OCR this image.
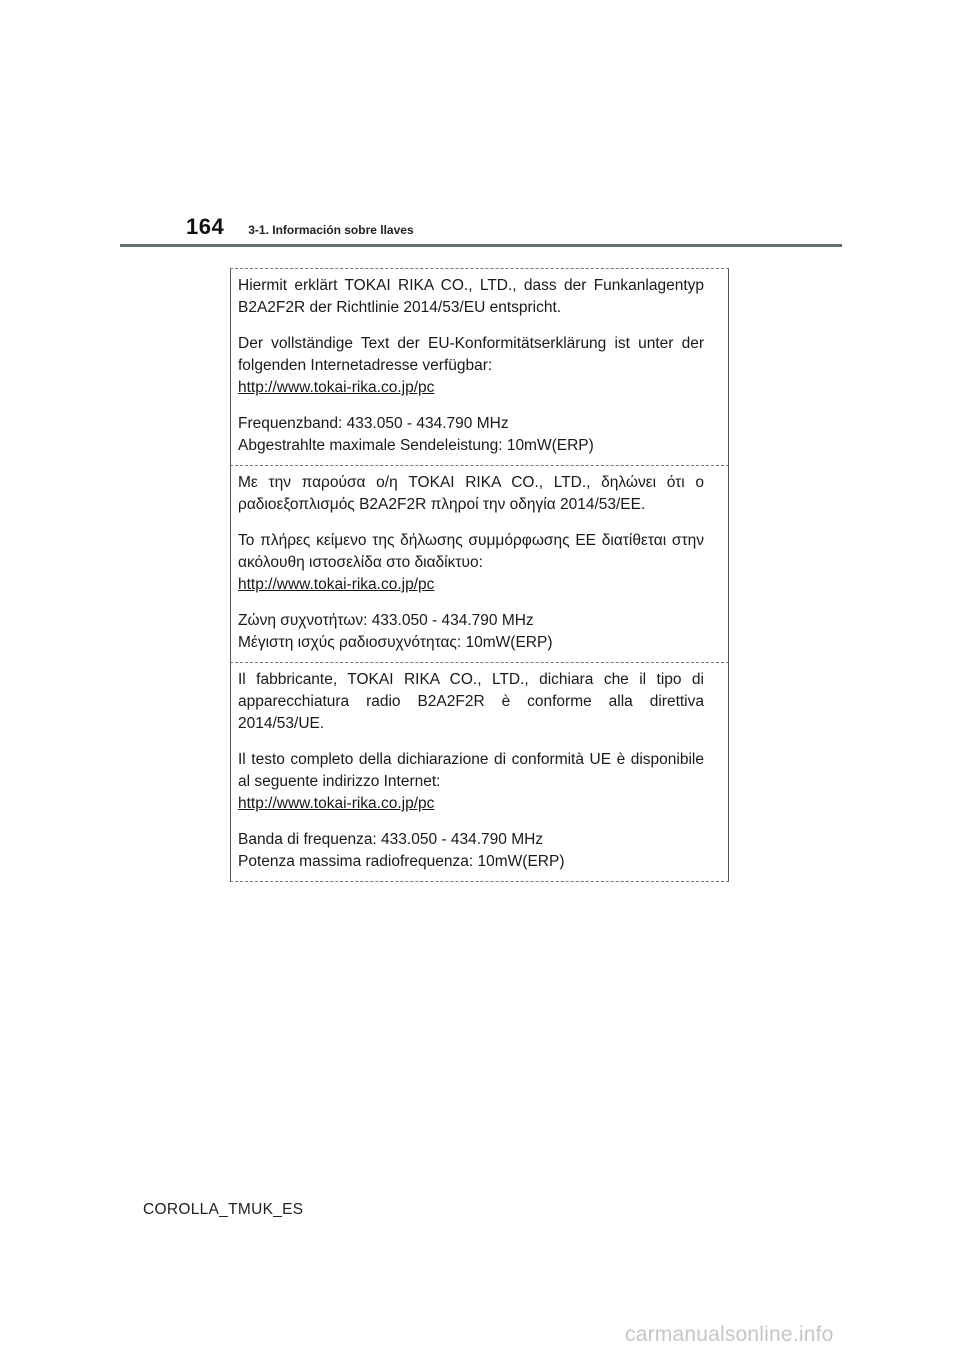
164 3-1. Información sobre llaves

Hiermit erklärt TOKAI RIKA CO., LTD., dass der Funkanlagentyp B2A2F2R der Richtlinie 2014/53/EU entspricht.

Der vollständige Text der EU-Konformitätserklärung ist unter der folgenden Internetadresse verfügbar:

http://www.tokai-rika.co.jp/pc

Frequenzband: 433.050 - 434.790 MHz

Abgestrahlte maximale Sendeleistung: 10mW(ERP)

Με την παρούσα ο/η TOKAI RIKA CO., LTD., δηλώνει ότι ο ραδιοεξοπλισμός B2A2F2R πληροί την οδηγία 2014/53/ΕΕ.

Το πλήρες κείμενο της δήλωσης συμμόρφωσης ΕΕ διατίθεται στην ακόλουθη ιστοσελίδα στο διαδίκτυο:

http://www.tokai-rika.co.jp/pc

Ζώνη συχνοτήτων: 433.050 - 434.790 MHz

Μέγιστη ισχύς ραδιοσυχνότητας: 10mW(ERP)

Il fabbricante, TOKAI RIKA CO., LTD., dichiara che il tipo di apparecchiatura radio B2A2F2R è conforme alla direttiva 2014/53/UE.

Il testo completo della dichiarazione di conformità UE è disponibile al seguente indirizzo Internet:

http://www.tokai-rika.co.jp/pc

Banda di frequenza: 433.050 - 434.790 MHz

Potenza massima radiofrequenza: 10mW(ERP)

COROLLA_TMUK_ES
carmanualsonline.info
